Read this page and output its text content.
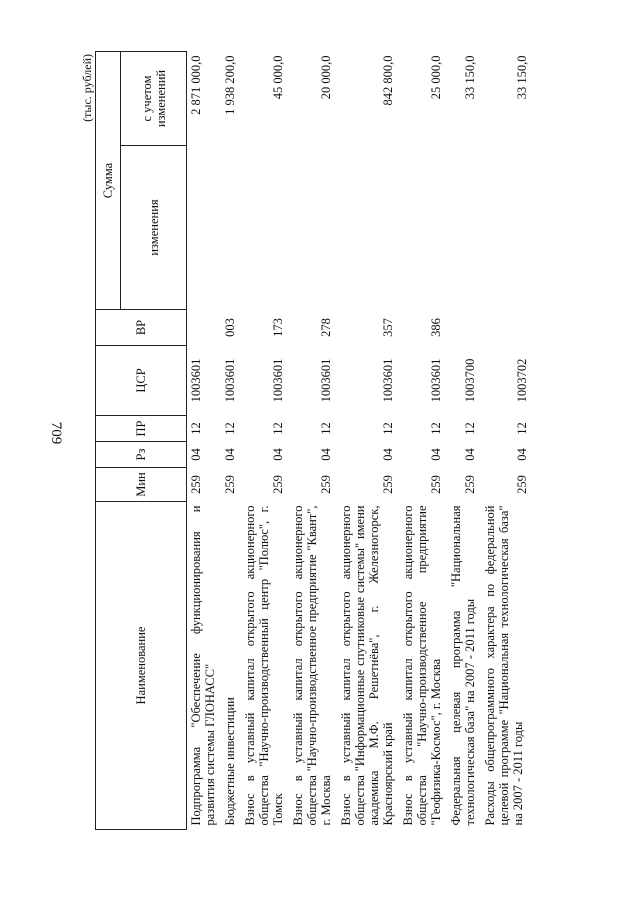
709
(тыс. рублей)
Наименование	Мин	Рз	ПР	ЦСР	ВР	Сумма	
						изменения	с учетом изменений
Подпрограмма "Обеспечение функционирования и развития системы ГЛОНАСС"	259	04	12	1003601			2 871 000,0
Бюджетные инвестиции	259	04	12	1003601	003		1 938 200,0
Взнос в уставный капитал открытого акционерного общества "Научно-производственный центр "Полюс", г. Томск	259	04	12	1003601	173		45 000,0
Взнос в уставный капитал открытого акционерного общества "Научно-производственное предприятие "Квант", г. Москва	259	04	12	1003601	278		20 000,0
Взнос в уставный капитал открытого акционерного общества "Информационные спутниковые системы" имени академика М.Ф. Решетнёва", г. Железногорск, Красноярский край	259	04	12	1003601	357		842 800,0
Взнос в уставный капитал открытого акционерного общества "Научно-производственное предприятие "Геофизика-Космос", г. Москва	259	04	12	1003601	386		25 000,0
Федеральная целевая программа "Национальная технологическая база" на 2007 - 2011 годы	259	04	12	1003700			33 150,0
Расходы общепрограммного характера по федеральной целевой программе "Национальная технологическая база" на 2007 - 2011 годы	259	04	12	1003702			33 150,0
